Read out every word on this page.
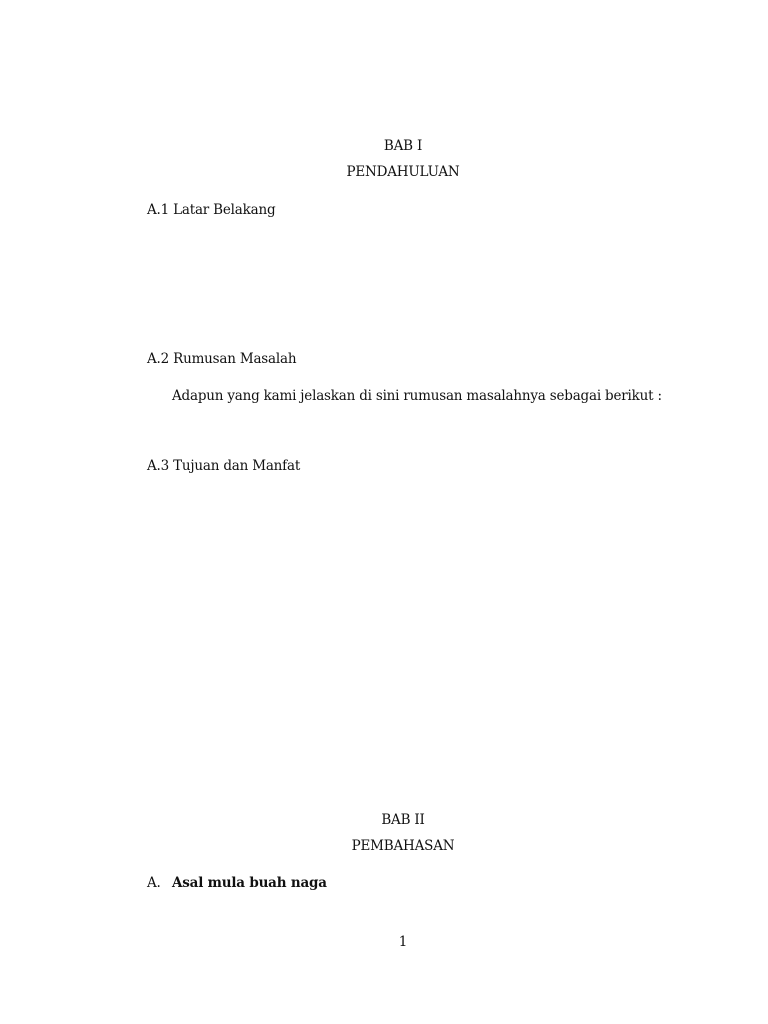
BAB I
PENDAHULUAN
A.1 Latar Belakang
A.2 Rumusan Masalah
Adapun yang kami jelaskan di sini rumusan masalahnya sebagai berikut :
A.3 Tujuan dan Manfat
BAB II
PEMBAHASAN
A. Asal mula buah naga
1
